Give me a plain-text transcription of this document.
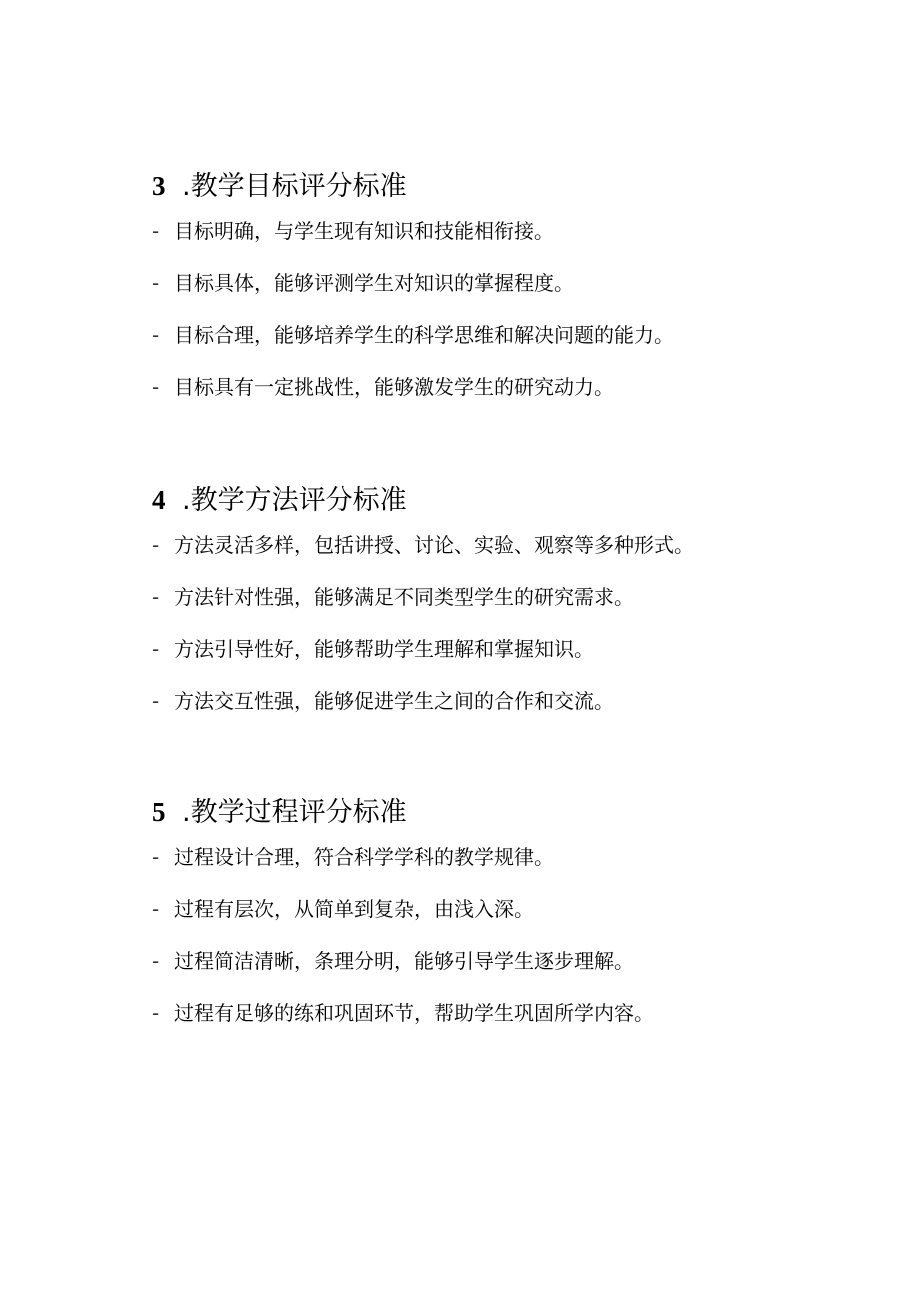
3 .教学目标评分标准
- 目标明确，与学生现有知识和技能相衔接。
- 目标具体，能够评测学生对知识的掌握程度。
- 目标合理，能够培养学生的科学思维和解决问题的能力。
- 目标具有一定挑战性，能够激发学生的研究动力。
4 .教学方法评分标准
- 方法灵活多样，包括讲授、讨论、实验、观察等多种形式。
- 方法针对性强，能够满足不同类型学生的研究需求。
- 方法引导性好，能够帮助学生理解和掌握知识。
- 方法交互性强，能够促进学生之间的合作和交流。
5 .教学过程评分标准
- 过程设计合理，符合科学学科的教学规律。
- 过程有层次，从简单到复杂，由浅入深。
- 过程简洁清晰，条理分明，能够引导学生逐步理解。
- 过程有足够的练和巩固环节，帮助学生巩固所学内容。
